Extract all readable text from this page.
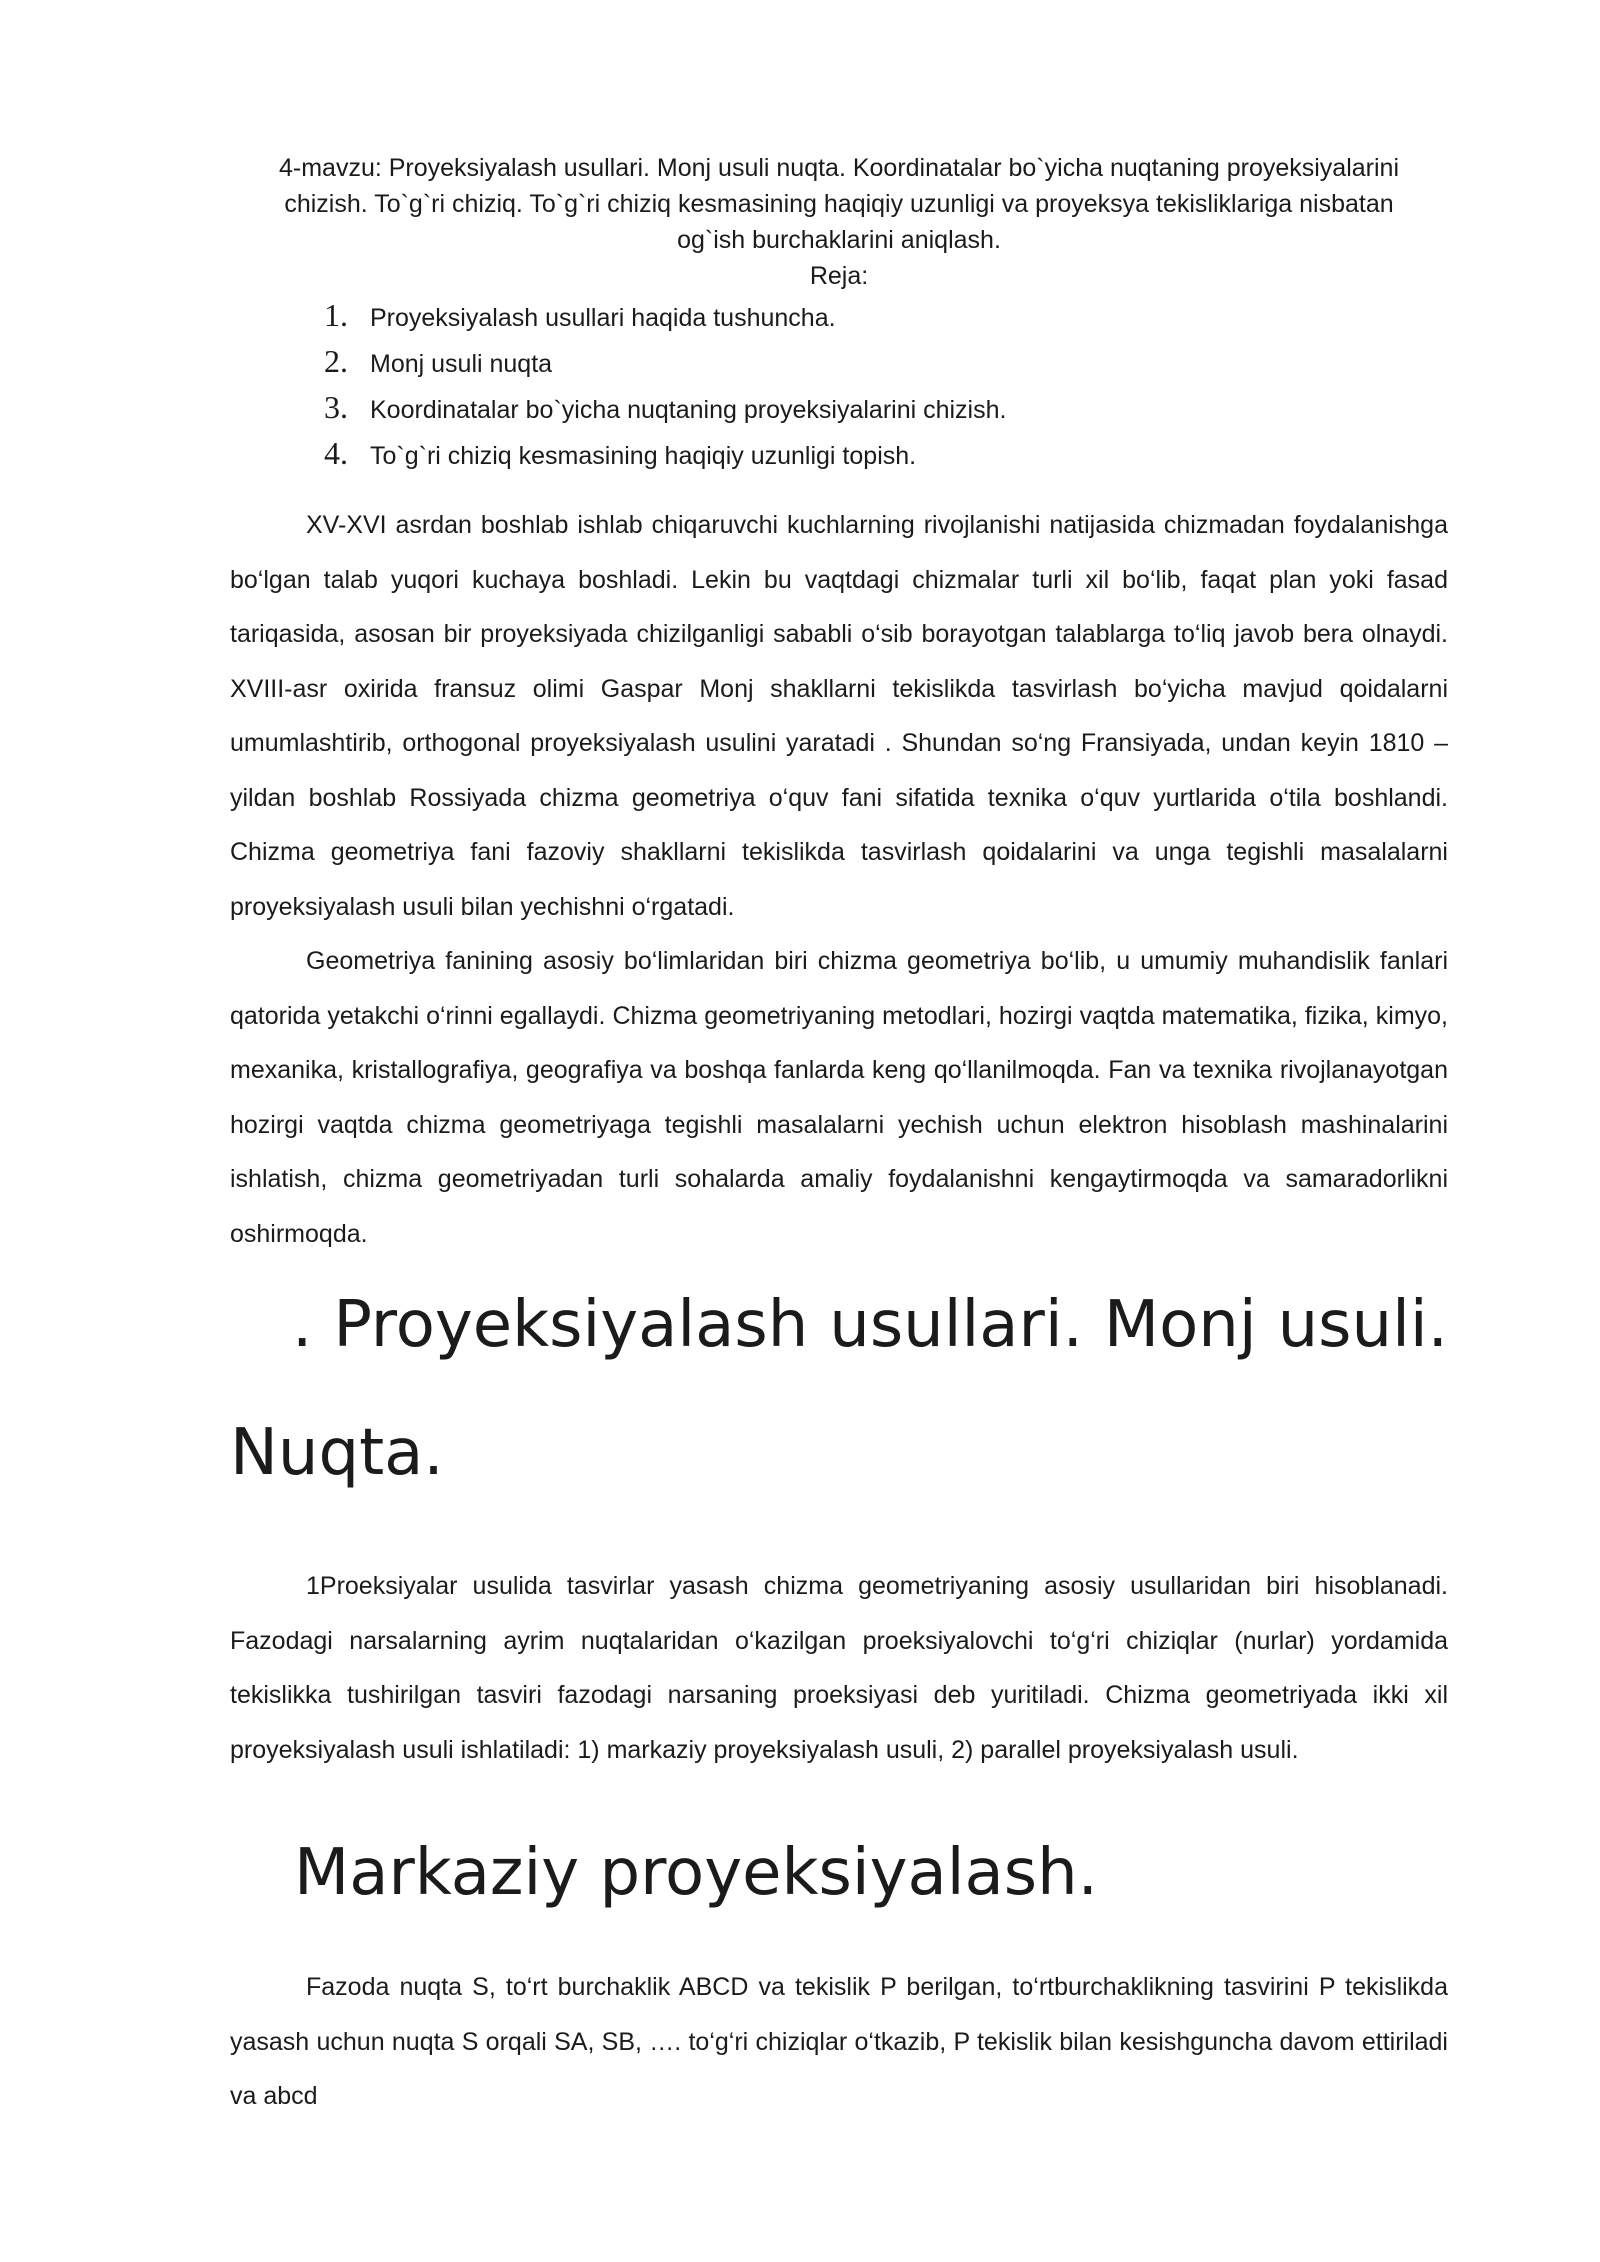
4-mavzu: Proyeksiyalash usullari. Monj usuli nuqta. Koordinatalar bo`yicha nuqtaning proyeksiyalarini
chizish. To`g`ri chiziq. To`g`ri chiziq kesmasining haqiqiy uzunligi va proyeksya tekisliklariga nisbatan
og`ish burchaklarini aniqlash.

Reja:

1. Proyeksiyalash usullari haqida tushuncha.
2. Monj usuli nuqta
3. Koordinatalar bo`yicha nuqtaning proyeksiyalarini chizish.
4. To`g`ri chiziq kesmasining haqiqiy uzunligi topish.

XV-XVI asrdan boshlab ishlab chiqaruvchi kuchlarning rivojlanishi natijasida chizmadan foydalanishga bo‘lgan talab yuqori kuchaya boshladi. Lekin bu vaqtdagi chizmalar turli xil bo‘lib, faqat plan yoki fasad tariqasida, asosan bir proyeksiyada chizilganligi sababli o‘sib borayotgan talablarga to‘liq javob bera olnaydi. XVIII-asr oxirida fransuz olimi Gaspar Monj shakllarni tekislikda tasvirlash bo‘yicha mavjud qoidalarni umumlashtirib, orthogonal proyeksiyalash usulini yaratadi . Shundan so‘ng Fransiyada, undan keyin 1810 – yildan boshlab Rossiyada chizma geometriya o‘quv fani sifatida texnika o‘quv yurtlarida o‘tila boshlandi. Chizma geometriya fani fazoviy shakllarni tekislikda tasvirlash qoidalarini va unga tegishli masalalarni proyeksiyalash usuli bilan yechishni o‘rgatadi.

Geometriya fanining asosiy bo‘limlaridan biri chizma geometriya bo‘lib, u umumiy muhandislik fanlari qatorida yetakchi o‘rinni egallaydi. Chizma geometriyaning metodlari, hozirgi vaqtda matematika, fizika, kimyo, mexanika, kristallografiya, geografiya va boshqa fanlarda keng qo‘llanilmoqda. Fan va texnika rivojlanayotgan hozirgi vaqtda chizma geometriyaga tegishli masalalarni yechish uchun elektron hisoblash mashinalarini ishlatish, chizma geometriyadan turli sohalarda amaliy foydalanishni kengaytirmoqda va samaradorlikni oshirmoqda.

. Proyeksiyalash usullari. Monj usuli.
Nuqta.

1Proeksiyalar usulida tasvirlar yasash chizma geometriyaning asosiy usullaridan biri hisoblanadi. Fazodagi narsalarning ayrim nuqtalaridan o‘kazilgan proeksiyalovchi to‘g‘ri chiziqlar (nurlar) yordamida tekislikka tushirilgan tasviri fazodagi narsaning proeksiyasi deb yuritiladi. Chizma geometriyada ikki xil proyeksiyalash usuli ishlatiladi: 1) markaziy proyeksiyalash usuli, 2) parallel proyeksiyalash usuli.

Markaziy proyeksiyalash.

Fazoda nuqta S, to‘rt burchaklik ABCD va tekislik P berilgan, to‘rtburchaklikning tasvirini P tekislikda yasash uchun nuqta S orqali SA, SB, …. to‘g‘ri chiziqlar o‘tkazib, P tekislik bilan kesishguncha davom ettiriladi va abcd
